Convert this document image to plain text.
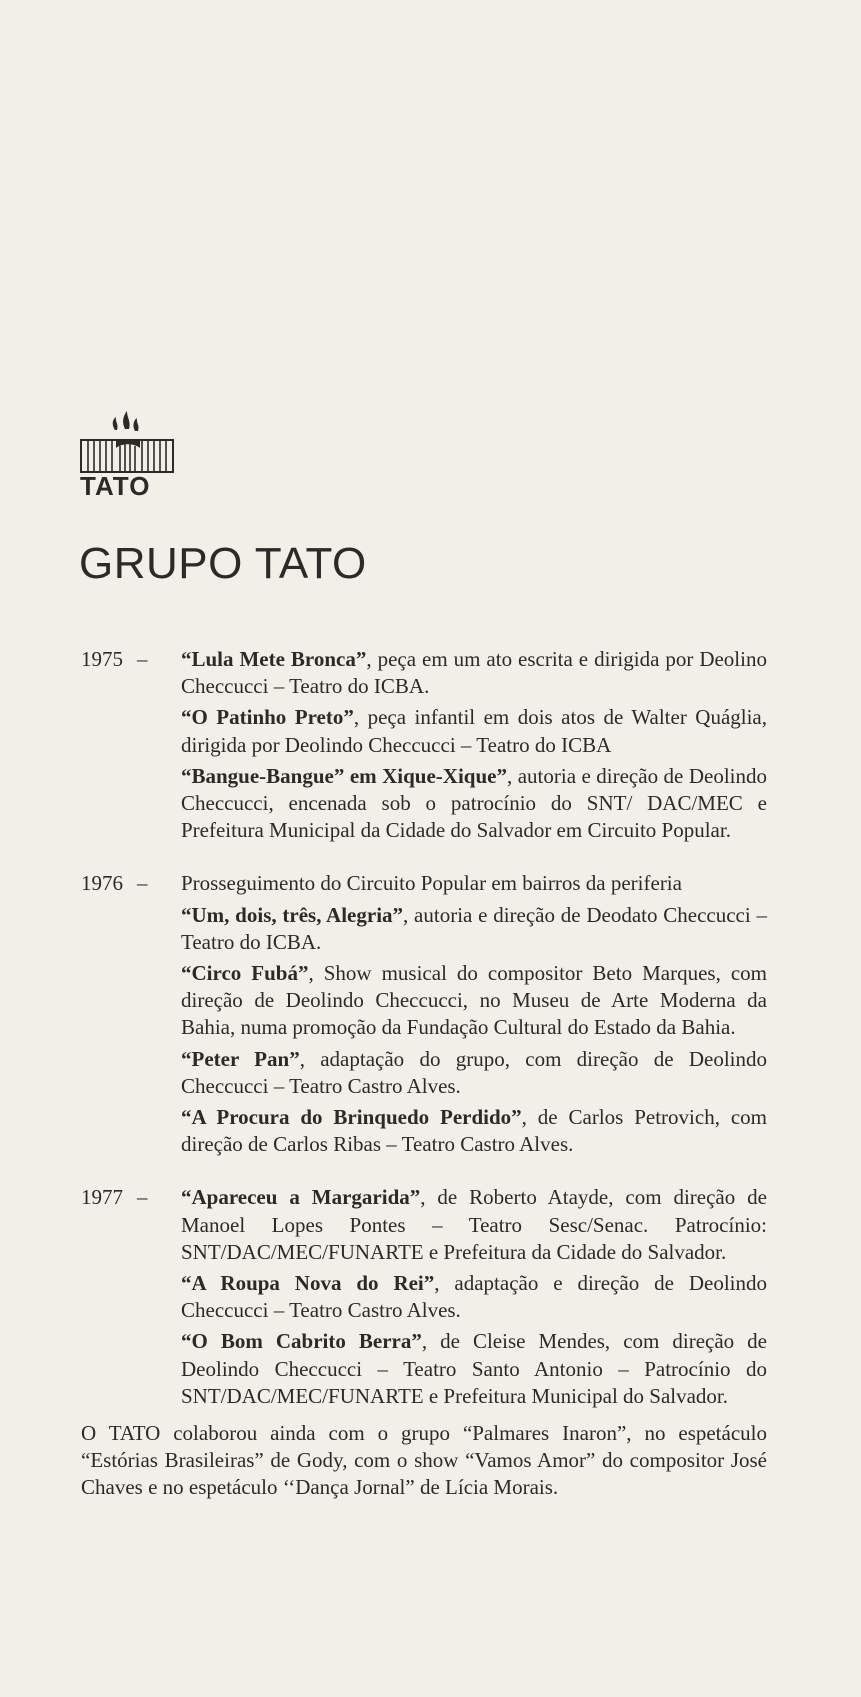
TATO
GRUPO TATO
1975 –	“Lula Mete Bronca”, peça em um ato escrita e dirigida por Deolino Checcucci – Teatro do ICBA.

“O Patinho Preto”, peça infantil em dois atos de Walter Quáglia, dirigida por Deolindo Checcucci – Teatro do ICBA

“Bangue-Bangue” em Xique-Xique”, autoria e direção de Deolindo Checcucci, encenada sob o patrocínio do SNT/ DAC/MEC e Prefeitura Municipal da Cidade do Salvador em Circuito Popular.

1976 –	Prosseguimento do Circuito Popular em bairros da periferia

“Um, dois, três, Alegria”, autoria e direção de Deodato Checcucci – Teatro do ICBA.

“Circo Fubá”, Show musical do compositor Beto Marques, com direção de Deolindo Checcucci, no Museu de Arte Moderna da Bahia, numa promoção da Fundação Cultural do Estado da Bahia.

“Peter Pan”, adaptação do grupo, com direção de Deolindo Checcucci – Teatro Castro Alves.

“A Procura do Brinquedo Perdido”, de Carlos Petrovich, com direção de Carlos Ribas – Teatro Castro Alves.

1977 –	“Apareceu a Margarida”, de Roberto Atayde, com direção de Manoel Lopes Pontes – Teatro Sesc/Senac. Patrocínio: SNT/DAC/MEC/FUNARTE e Prefeitura da Cidade do Salvador.

“A Roupa Nova do Rei”, adaptação e direção de Deolindo Checcucci – Teatro Castro Alves.

“O Bom Cabrito Berra”, de Cleise Mendes, com direção de Deolindo Checcucci – Teatro Santo Antonio – Patrocínio do SNT/DAC/MEC/FUNARTE e Prefeitura Municipal do Salvador.

O TATO colaborou ainda com o grupo “Palmares Inaron”, no espetáculo “Estórias Brasileiras” de Gody, com o show “Vamos Amor” do compositor José Chaves e no espetáculo ‘‘Dança Jornal” de Lícia Morais.
